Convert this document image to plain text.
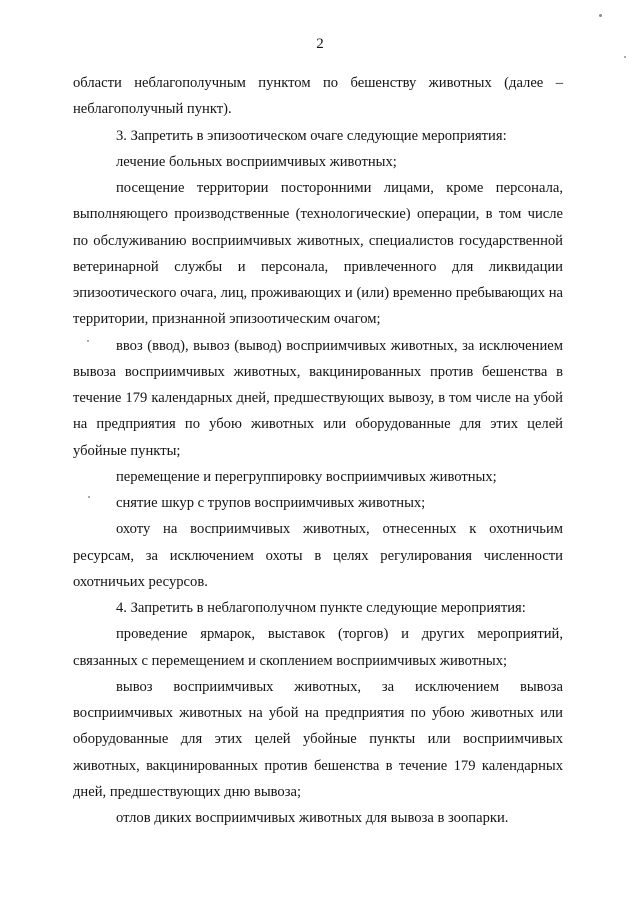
2

области неблагополучным пунктом по бешенству животных (далее – неблагополучный пункт).

3. Запретить в эпизоотическом очаге следующие мероприятия:

лечение больных восприимчивых животных;

посещение территории посторонними лицами, кроме персонала, выполняющего производственные (технологические) операции, в том числе по обслуживанию восприимчивых животных, специалистов государственной ветеринарной службы и персонала, привлеченного для ликвидации эпизоотического очага, лиц, проживающих и (или) временно пребывающих на территории, признанной эпизоотическим очагом;

ввоз (ввод), вывоз (вывод) восприимчивых животных, за исключением вывоза восприимчивых животных, вакцинированных против бешенства в течение 179 календарных дней, предшествующих вывозу, в том числе на убой на предприятия по убою животных или оборудованные для этих целей убойные пункты;

перемещение и перегруппировку восприимчивых животных;

снятие шкур с трупов восприимчивых животных;

охоту на восприимчивых животных, отнесенных к охотничьим ресурсам, за исключением охоты в целях регулирования численности охотничьих ресурсов.

4. Запретить в неблагополучном пункте следующие мероприятия:

проведение ярмарок, выставок (торгов) и других мероприятий, связанных с перемещением и скоплением восприимчивых животных;

вывоз восприимчивых животных, за исключением вывоза восприимчивых животных на убой на предприятия по убою животных или оборудованные для этих целей убойные пункты или восприимчивых животных, вакцинированных против бешенства в течение 179 календарных дней, предшествующих дню вывоза;

отлов диких восприимчивых животных для вывоза в зоопарки.
